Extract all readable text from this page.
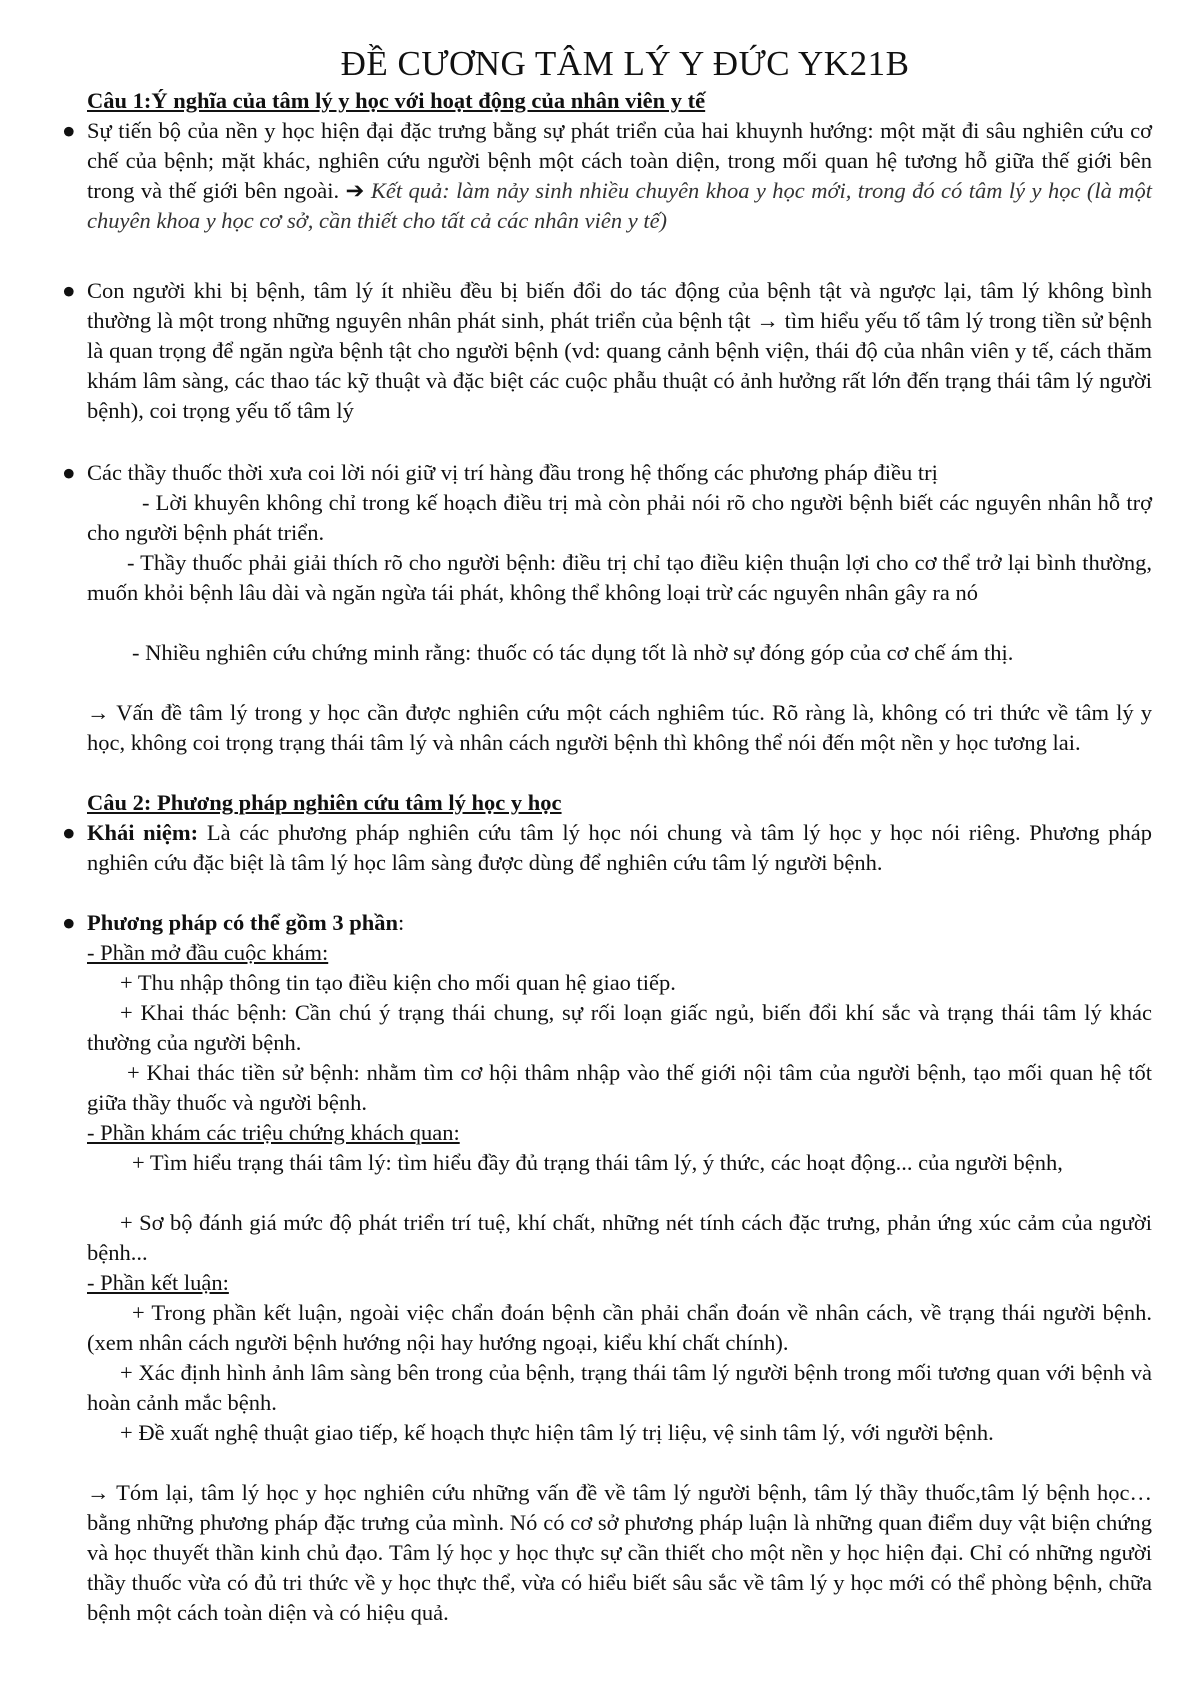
ĐỀ CƯƠNG TÂM LÝ Y ĐỨC YK21B
Câu 1:Ý nghĩa của tâm lý y học với hoạt động của nhân viên y tế
● Sự tiến bộ của nền y học hiện đại đặc trưng bằng sự phát triển của hai khuynh hướng: một mặt đi sâu nghiên cứu cơ chế của bệnh; mặt khác, nghiên cứu người bệnh một cách toàn diện, trong mối quan hệ tương hỗ giữa thế giới bên trong và thế giới bên ngoài. ➔ Kết quả: làm nảy sinh nhiều chuyên khoa y học mới, trong đó có tâm lý y học (là một chuyên khoa y học cơ sở, cần thiết cho tất cả các nhân viên y tế)
● Con người khi bị bệnh, tâm lý ít nhiều đều bị biến đổi do tác động của bệnh tật và ngược lại, tâm lý không bình thường là một trong những nguyên nhân phát sinh, phát triển của bệnh tật → tìm hiểu yếu tố tâm lý trong tiền sử bệnh là quan trọng để ngăn ngừa bệnh tật cho người bệnh (vd: quang cảnh bệnh viện, thái độ của nhân viên y tế, cách thăm khám lâm sàng, các thao tác kỹ thuật và đặc biệt các cuộc phẫu thuật có ảnh hưởng rất lớn đến trạng thái tâm lý người bệnh), coi trọng yếu tố tâm lý
● Các thầy thuốc thời xưa coi lời nói giữ vị trí hàng đầu trong hệ thống các phương pháp điều trị
- Lời khuyên không chỉ trong kế hoạch điều trị mà còn phải nói rõ cho người bệnh biết các nguyên nhân hỗ trợ cho người bệnh phát triển.
- Thầy thuốc phải giải thích rõ cho người bệnh: điều trị chỉ tạo điều kiện thuận lợi cho cơ thể trở lại bình thường, muốn khỏi bệnh lâu dài và ngăn ngừa tái phát, không thể không loại trừ các nguyên nhân gây ra nó
- Nhiều nghiên cứu chứng minh rằng: thuốc có tác dụng tốt là nhờ sự đóng góp của cơ chế ám thị.
→ Vấn đề tâm lý trong y học cần được nghiên cứu một cách nghiêm túc. Rõ ràng là, không có tri thức về tâm lý y học, không coi trọng trạng thái tâm lý và nhân cách người bệnh thì không thể nói đến một nền y học tương lai.
Câu 2: Phương pháp nghiên cứu tâm lý học y học
● Khái niệm: Là các phương pháp nghiên cứu tâm lý học nói chung và tâm lý học y học nói riêng. Phương pháp nghiên cứu đặc biệt là tâm lý học lâm sàng được dùng để nghiên cứu tâm lý người bệnh.
● Phương pháp có thể gồm 3 phần:
- Phần mở đầu cuộc khám:
+ Thu nhập thông tin tạo điều kiện cho mối quan hệ giao tiếp.
+ Khai thác bệnh: Cần chú ý trạng thái chung, sự rối loạn giấc ngủ, biến đổi khí sắc và trạng thái tâm lý khác thường của người bệnh.
+ Khai thác tiền sử bệnh: nhằm tìm cơ hội thâm nhập vào thế giới nội tâm của người bệnh, tạo mối quan hệ tốt giữa thầy thuốc và người bệnh.
- Phần khám các triệu chứng khách quan:
+ Tìm hiểu trạng thái tâm lý: tìm hiểu đầy đủ trạng thái tâm lý, ý thức, các hoạt động... của người bệnh,
+ Sơ bộ đánh giá mức độ phát triển trí tuệ, khí chất, những nét tính cách đặc trưng, phản ứng xúc cảm của người bệnh...
- Phần kết luận:
+ Trong phần kết luận, ngoài việc chẩn đoán bệnh cần phải chẩn đoán về nhân cách, về trạng thái người bệnh. (xem nhân cách người bệnh hướng nội hay hướng ngoại, kiểu khí chất chính).
+ Xác định hình ảnh lâm sàng bên trong của bệnh, trạng thái tâm lý người bệnh trong mối tương quan với bệnh và hoàn cảnh mắc bệnh.
+ Đề xuất nghệ thuật giao tiếp, kế hoạch thực hiện tâm lý trị liệu, vệ sinh tâm lý, với người bệnh.
→ Tóm lại, tâm lý học y học nghiên cứu những vấn đề về tâm lý người bệnh, tâm lý thầy thuốc,tâm lý bệnh học…bằng những phương pháp đặc trưng của mình. Nó có cơ sở phương pháp luận là những quan điểm duy vật biện chứng và học thuyết thần kinh chủ đạo. Tâm lý học y học thực sự cần thiết cho một nền y học hiện đại. Chỉ có những người thầy thuốc vừa có đủ tri thức về y học thực thể, vừa có hiểu biết sâu sắc về tâm lý y học mới có thể phòng bệnh, chữa bệnh một cách toàn diện và có hiệu quả.
